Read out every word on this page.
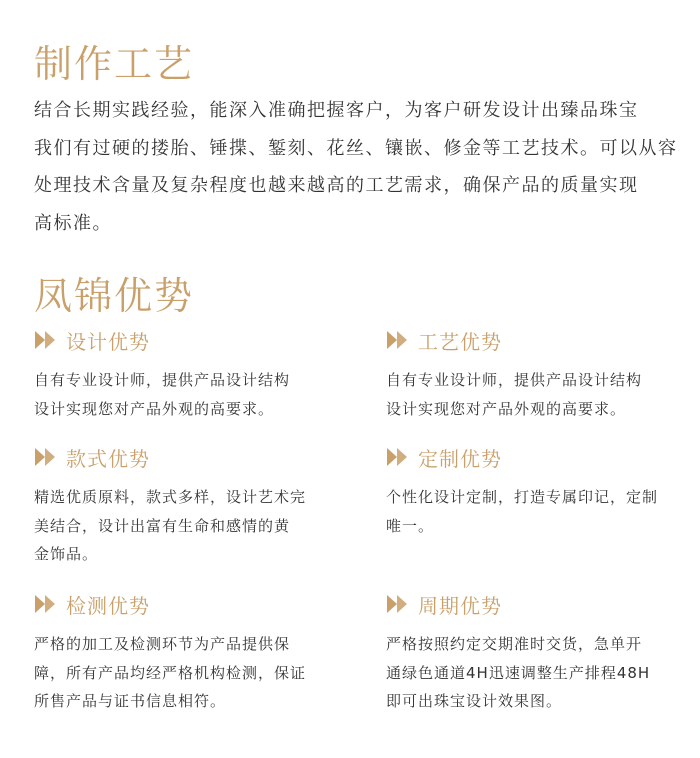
制作工艺

结合长期实践经验，能深入准确把握客户，为客户研发设计出臻品珠宝
我们有过硬的搂胎、锤揲、錾刻、花丝、镶嵌、修金等工艺技术。可以从容
处理技术含量及复杂程度也越来越高的工艺需求，确保产品的质量实现
高标准。

凤锦优势
设计优势
自有专业设计师，提供产品设计结构
设计实现您对产品外观的高要求。
工艺优势
自有专业设计师，提供产品设计结构
设计实现您对产品外观的高要求。
款式优势
精选优质原料，款式多样，设计艺术完
美结合，设计出富有生命和感情的黄
金饰品。
定制优势
个性化设计定制，打造专属印记，定制
唯一。
检测优势
严格的加工及检测环节为产品提供保
障，所有产品均经严格机构检测，保证
所售产品与证书信息相符。
周期优势
严格按照约定交期准时交货，急单开
通绿色通道4H迅速调整生产排程48H
即可出珠宝设计效果图。
